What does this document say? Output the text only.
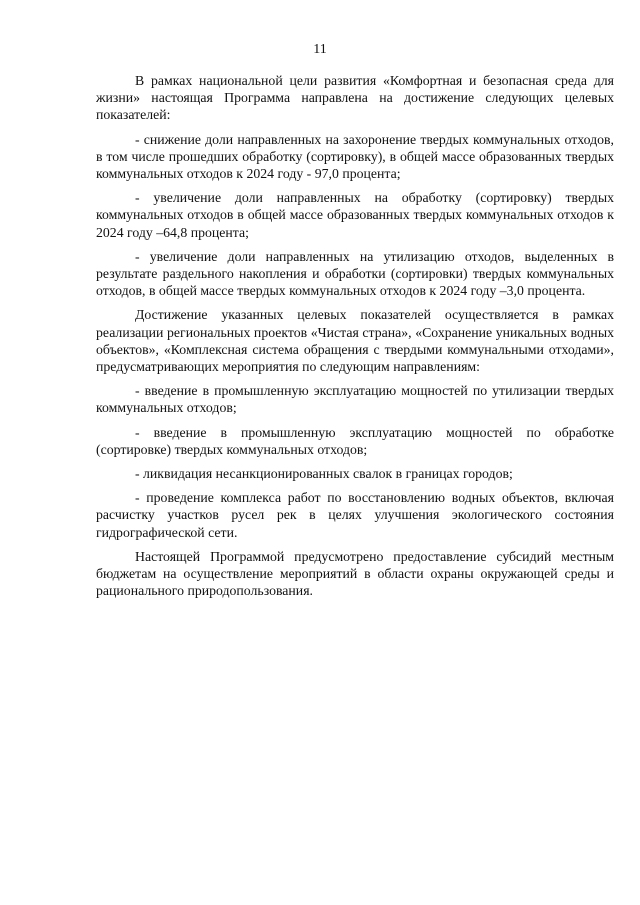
11

В рамках национальной цели развития «Комфортная и безопасная среда для жизни» настоящая Программа направлена на достижение следующих целевых показателей:

- снижение доли направленных на захоронение твердых коммунальных отходов, в том числе прошедших обработку (сортировку), в общей массе образованных твердых коммунальных отходов к 2024 году - 97,0 процента;

- увеличение доли направленных на обработку (сортировку) твердых коммунальных отходов в общей массе образованных твердых коммунальных отходов к 2024 году –64,8 процента;

- увеличение доли направленных на утилизацию отходов, выделенных в результате раздельного накопления и обработки (сортировки) твердых коммунальных отходов, в общей массе твердых коммунальных отходов к 2024 году –3,0 процента.

Достижение указанных целевых показателей осуществляется в рамках реализации региональных проектов «Чистая страна», «Сохранение уникальных водных объектов», «Комплексная система обращения с твердыми коммунальными отходами», предусматривающих мероприятия по следующим направлениям:

- введение в промышленную эксплуатацию мощностей по утилизации твердых коммунальных отходов;

- введение в промышленную эксплуатацию мощностей по обработке (сортировке) твердых коммунальных отходов;

- ликвидация несанкционированных свалок в границах городов;

- проведение комплекса работ по восстановлению водных объектов, включая расчистку участков русел рек в целях улучшения экологического состояния гидрографической сети.

Настоящей Программой предусмотрено предоставление субсидий местным бюджетам на осуществление мероприятий в области охраны окружающей среды и рационального природопользования.
